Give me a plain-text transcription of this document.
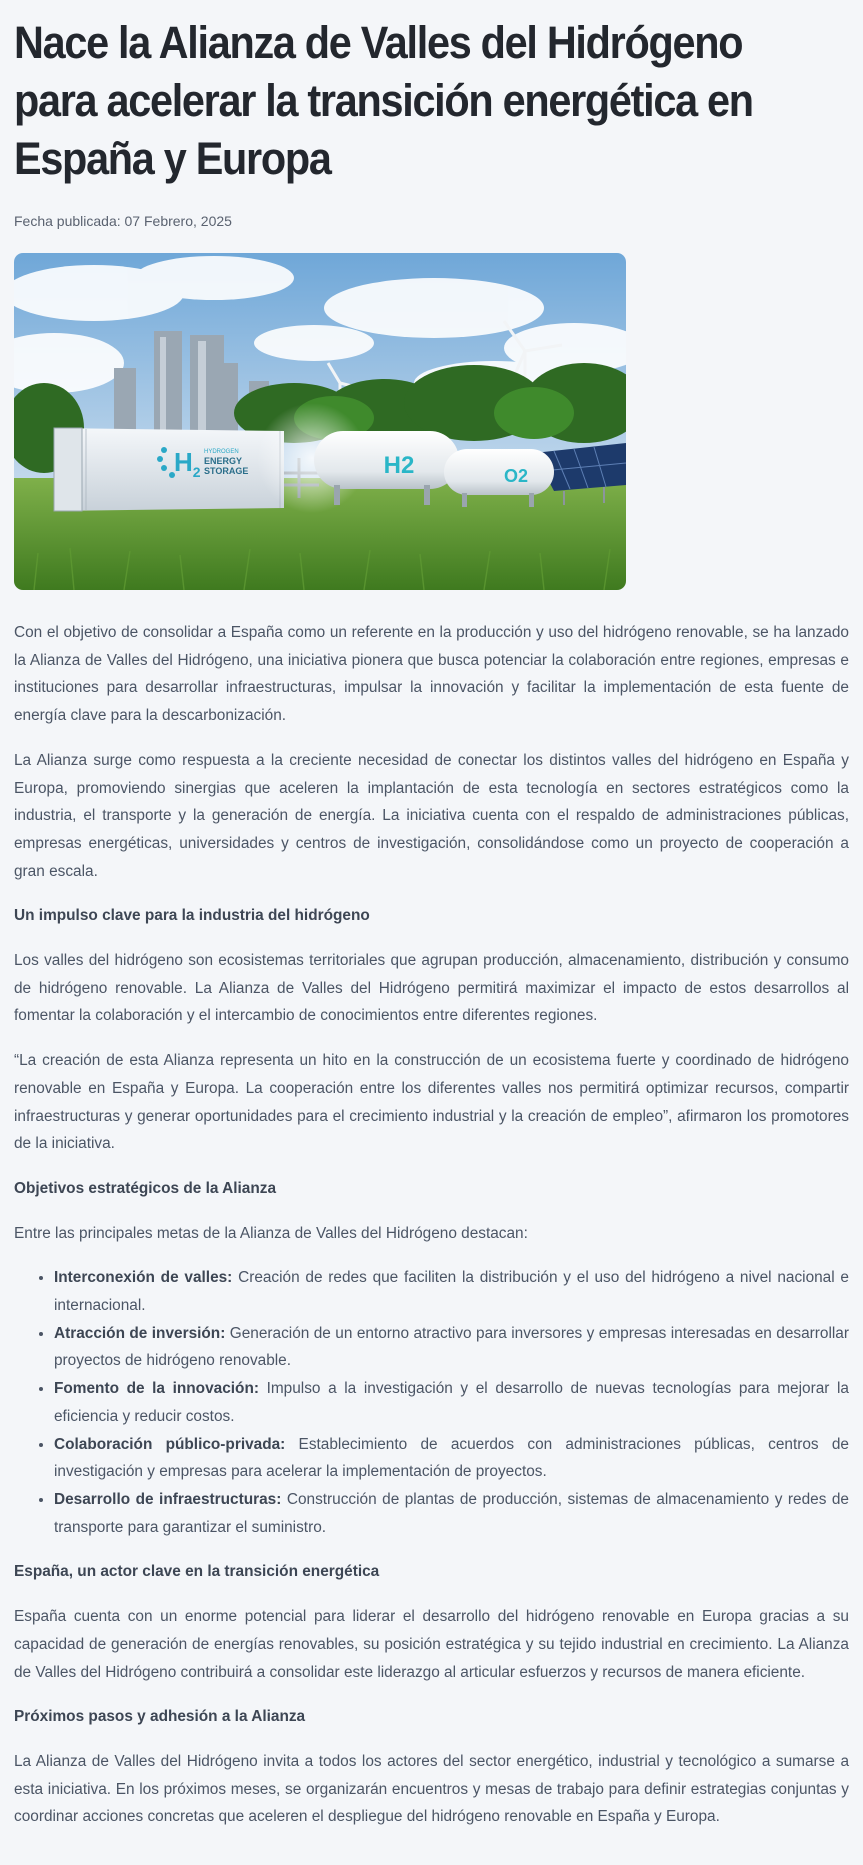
Nace la Alianza de Valles del Hidrógeno para acelerar la transición energética en España y Europa
Fecha publicada: 07 Febrero, 2025
$H_2$
HYDROGEN
ENERGY
STORAGE	H2	O2

Con el objetivo de consolidar a España como un referente en la producción y uso del hidrógeno renovable, se ha lanzado la Alianza de Valles del Hidrógeno, una iniciativa pionera que busca potenciar la colaboración entre regiones, empresas e instituciones para desarrollar infraestructuras, impulsar la innovación y facilitar la implementación de esta fuente de energía clave para la descarbonización.

La Alianza surge como respuesta a la creciente necesidad de conectar los distintos valles del hidrógeno en España y Europa, promoviendo sinergias que aceleren la implantación de esta tecnología en sectores estratégicos como la industria, el transporte y la generación de energía. La iniciativa cuenta con el respaldo de administraciones públicas, empresas energéticas, universidades y centros de investigación, consolidándose como un proyecto de cooperación a gran escala.

Un impulso clave para la industria del hidrógeno

Los valles del hidrógeno son ecosistemas territoriales que agrupan producción, almacenamiento, distribución y consumo de hidrógeno renovable. La Alianza de Valles del Hidrógeno permitirá maximizar el impacto de estos desarrollos al fomentar la colaboración y el intercambio de conocimientos entre diferentes regiones.

“La creación de esta Alianza representa un hito en la construcción de un ecosistema fuerte y coordinado de hidrógeno renovable en España y Europa. La cooperación entre los diferentes valles nos permitirá optimizar recursos, compartir infraestructuras y generar oportunidades para el crecimiento industrial y la creación de empleo”, afirmaron los promotores de la iniciativa.

Objetivos estratégicos de la Alianza

Entre las principales metas de la Alianza de Valles del Hidrógeno destacan:

• Interconexión de valles: Creación de redes que faciliten la distribución y el uso del hidrógeno a nivel nacional e internacional.
• Atracción de inversión: Generación de un entorno atractivo para inversores y empresas interesadas en desarrollar proyectos de hidrógeno renovable.
• Fomento de la innovación: Impulso a la investigación y el desarrollo de nuevas tecnologías para mejorar la eficiencia y reducir costos.
• Colaboración público-privada: Establecimiento de acuerdos con administraciones públicas, centros de investigación y empresas para acelerar la implementación de proyectos.
• Desarrollo de infraestructuras: Construcción de plantas de producción, sistemas de almacenamiento y redes de transporte para garantizar el suministro.
España, un actor clave en la transición energética

España cuenta con un enorme potencial para liderar el desarrollo del hidrógeno renovable en Europa gracias a su capacidad de generación de energías renovables, su posición estratégica y su tejido industrial en crecimiento. La Alianza de Valles del Hidrógeno contribuirá a consolidar este liderazgo al articular esfuerzos y recursos de manera eficiente.

Próximos pasos y adhesión a la Alianza

La Alianza de Valles del Hidrógeno invita a todos los actores del sector energético, industrial y tecnológico a sumarse a esta iniciativa. En los próximos meses, se organizarán encuentros y mesas de trabajo para definir estrategias conjuntas y coordinar acciones concretas que aceleren el despliegue del hidrógeno renovable en España y Europa.
